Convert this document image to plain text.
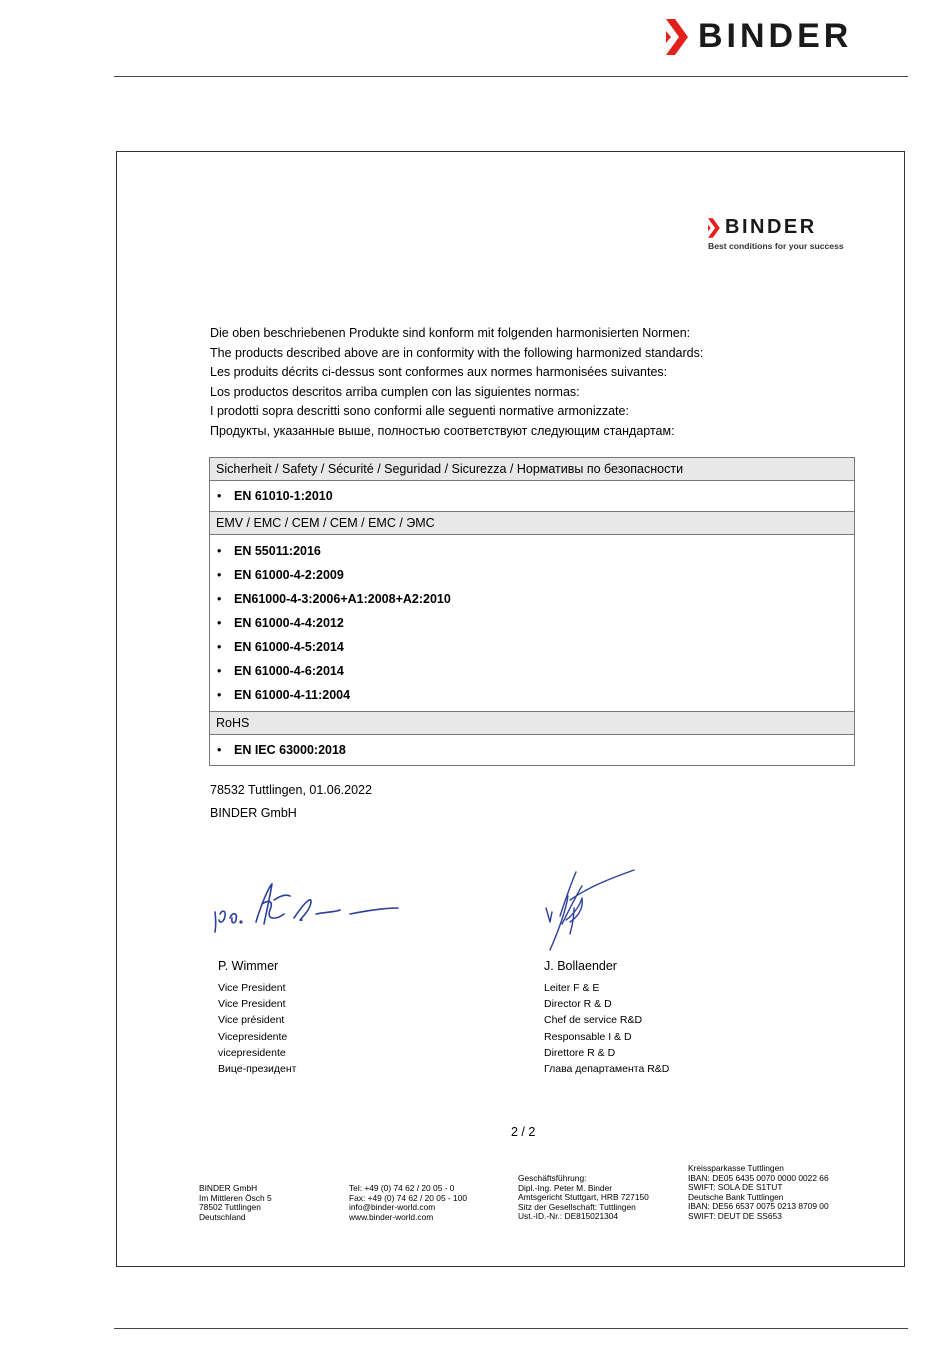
BINDER
BINDER
Best conditions for your success
Die oben beschriebenen Produkte sind konform mit folgenden harmonisierten Normen:
The products described above are in conformity with the following harmonized standards:
Les produits décrits ci-dessus sont conformes aux normes harmonisées suivantes:
Los productos descritos arriba cumplen con las siguientes normas:
I prodotti sopra descritti sono conformi alle seguenti normative armonizzate:
Продукты, указанные выше, полностью соответствуют следующим стандартам:
Sicherheit / Safety / Sécurité / Seguridad / Sicurezza / Нормативы по безопасности
• EN 61010-1:2010
EMV / EMC / CEM / CEM / EMC / ЭМС
• EN 55011:2016
• EN 61000-4-2:2009
• EN61000-4-3:2006+A1:2008+A2:2010
• EN 61000-4-4:2012
• EN 61000-4-5:2014
• EN 61000-4-6:2014
• EN 61000-4-11:2004
RoHS
• EN IEC 63000:2018
78532 Tuttlingen, 01.06.2022
BINDER GmbH
P. Wimmer
Vice President
Vice President
Vice président
Vicepresidente
vicepresidente
Вице-президент
J. Bollaender
Leiter F & E
Director R & D
Chef de service R&D
Responsable I & D
Direttore R & D
Глава департамента R&D
2 / 2
BINDER GmbH
Im Mittleren Ösch 5
78502 Tuttlingen
Deutschland
Tel: +49 (0) 74 62 / 20 05 - 0
Fax: +49 (0) 74 62 / 20 05 - 100
info@binder-world.com
www.binder-world.com
Geschäftsführung:
Dipl.-Ing. Peter M. Binder
Amtsgericht Stuttgart, HRB 727150
Sitz der Gesellschaft: Tuttlingen
Ust.-ID.-Nr.: DE815021304
Kreissparkasse Tuttlingen
IBAN: DE05 6435 0070 0000 0022 66
SWIFT: SOLA DE S1TUT
Deutsche Bank Tuttlingen
IBAN: DE56 6537 0075 0213 8709 00
SWIFT: DEUT DE SS653
